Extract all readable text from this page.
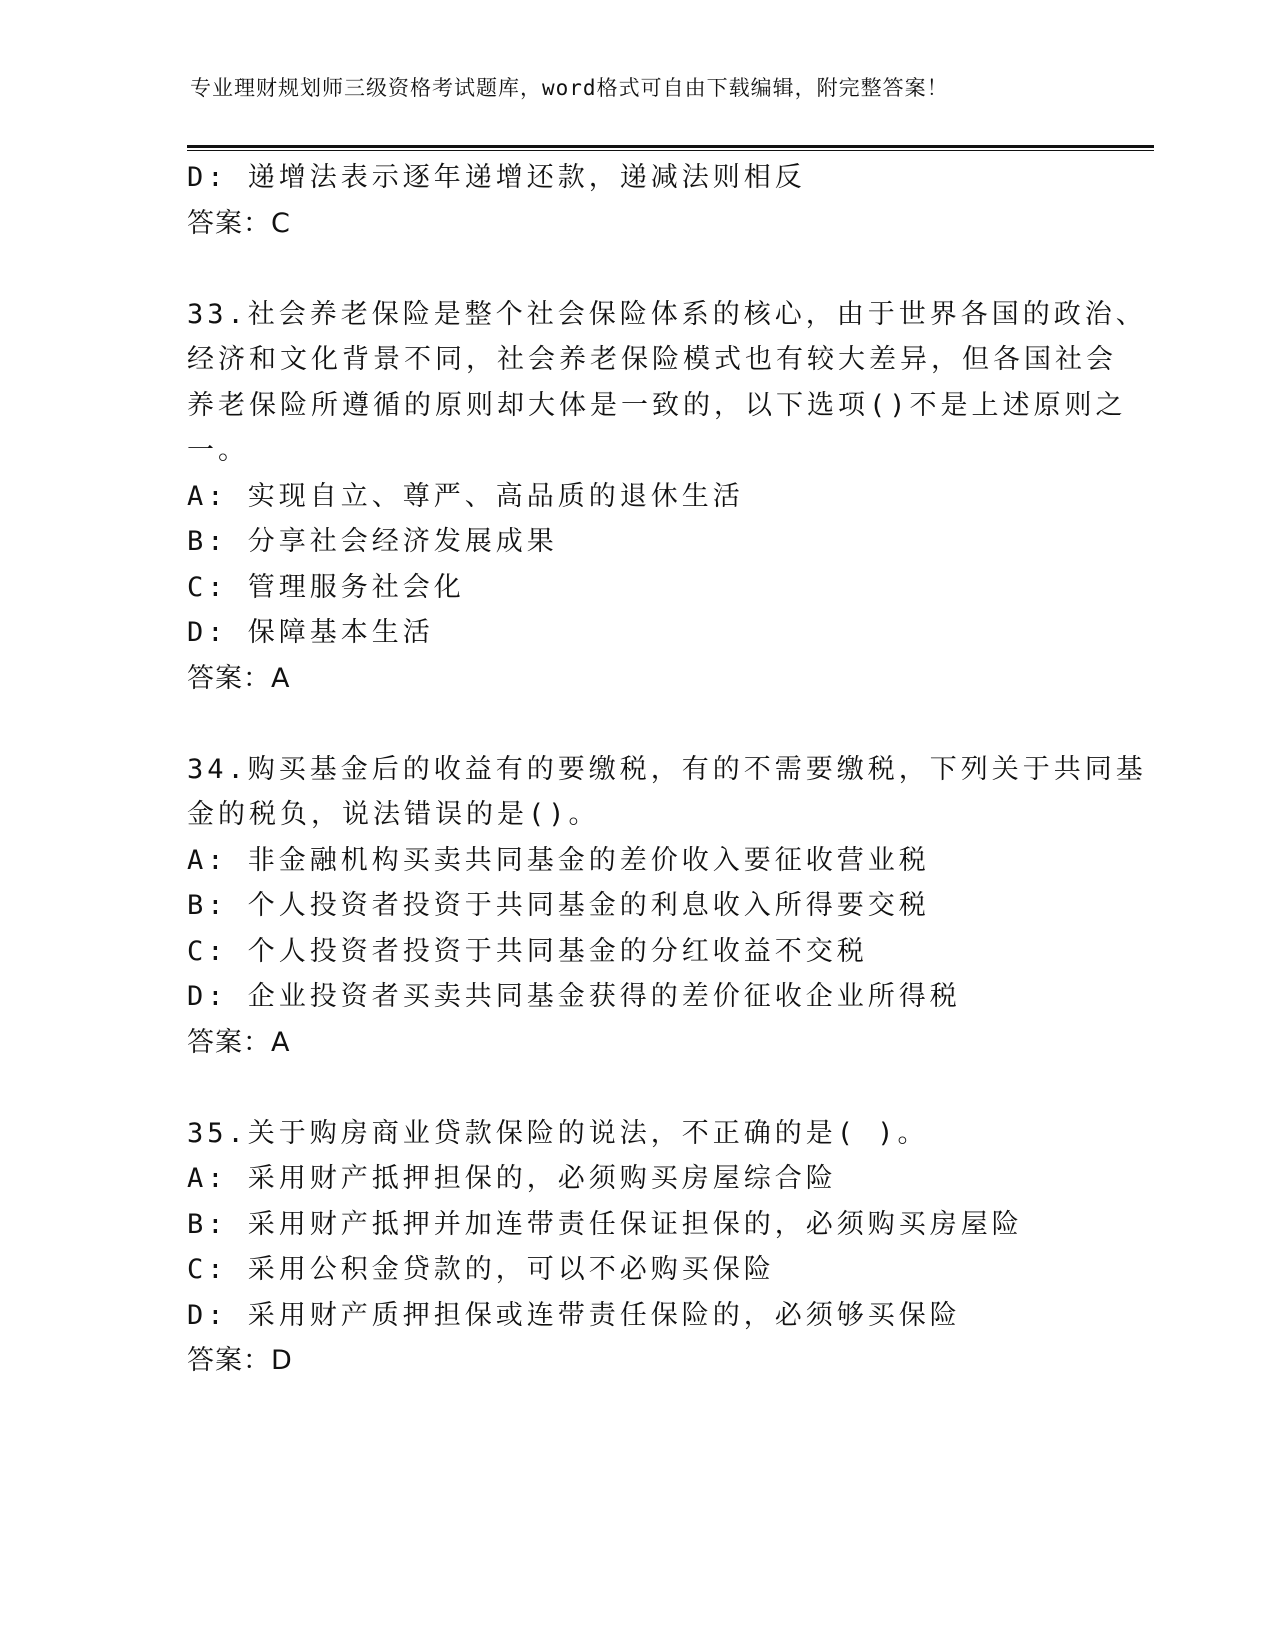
专业理财规划师三级资格考试题库，word格式可自由下载编辑，附完整答案！
D: 递增法表示逐年递增还款，递减法则相反
答案：C
33.社会养老保险是整个社会保险体系的核心，由于世界各国的政治、
经济和文化背景不同，社会养老保险模式也有较大差异，但各国社会
养老保险所遵循的原则却大体是一致的，以下选项()不是上述原则之
一。
A: 实现自立、尊严、高品质的退休生活
B: 分享社会经济发展成果
C: 管理服务社会化
D: 保障基本生活
答案：A
34.购买基金后的收益有的要缴税，有的不需要缴税，下列关于共同基
金的税负，说法错误的是()。
A: 非金融机构买卖共同基金的差价收入要征收营业税
B: 个人投资者投资于共同基金的利息收入所得要交税
C: 个人投资者投资于共同基金的分红收益不交税
D: 企业投资者买卖共同基金获得的差价征收企业所得税
答案：A
35.关于购房商业贷款保险的说法，不正确的是( )。
A: 采用财产抵押担保的，必须购买房屋综合险
B: 采用财产抵押并加连带责任保证担保的，必须购买房屋险
C: 采用公积金贷款的，可以不必购买保险
D: 采用财产质押担保或连带责任保险的，必须够买保险
答案：D
